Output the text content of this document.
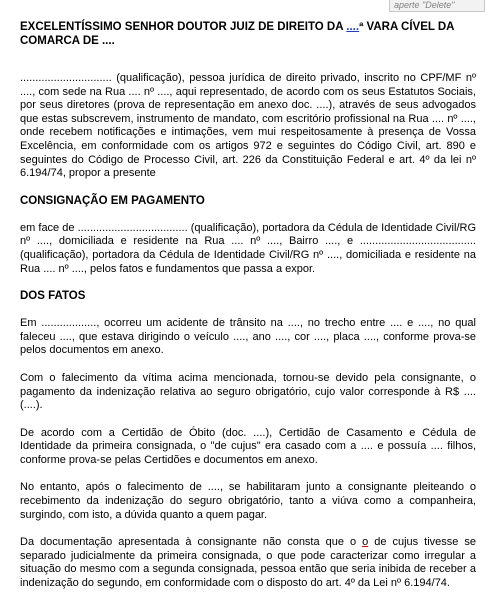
aperte "Delete"
EXCELENTÍSSIMO SENHOR DOUTOR JUIZ DE DIREITO DA ....ª VARA CÍVEL DA COMARCA DE ....

.............................. (qualificação), pessoa jurídica de direito privado, inscrito no CPF/MF nº ...., com sede na Rua .... nº ...., aqui representado, de acordo com os seus Estatutos Sociais, por seus diretores (prova de representação em anexo doc. ....), através de seus advogados que estas subscrevem, instrumento de mandato, com escritório profissional na Rua .... nº ...., onde recebem notificações e intimações, vem mui respeitosamente à presença de Vossa Excelência, em conformidade com os artigos 972 e seguintes do Código Civil, art. 890 e seguintes do Código de Processo Civil, art. 226 da Constituição Federal e art. 4º da lei nº 6.194/74, propor a presente

CONSIGNAÇÃO EM PAGAMENTO

em face de .................................... (qualificação), portadora da Cédula de Identidade Civil/RG nº ...., domiciliada e residente na Rua .... nº ...., Bairro ...., e ...................................... (qualificação), portadora da Cédula de Identidade Civil/RG nº ...., domiciliada e residente na Rua .... nº ...., pelos fatos e fundamentos que passa a expor.

DOS FATOS

Em .................., ocorreu um acidente de trânsito na ...., no trecho entre .... e ...., no qual faleceu ...., que estava dirigindo o veículo ...., ano ...., cor ...., placa ...., conforme prova-se pelos documentos em anexo.

Com o falecimento da vítima acima mencionada, tornou-se devido pela consignante, o pagamento da indenização relativa ao seguro obrigatório, cujo valor corresponde à R$ .... (....).

De acordo com a Certidão de Óbito (doc. ....), Certidão de Casamento e Cédula de Identidade da primeira consignada, o "de cujus" era casado com a .... e possuía .... filhos, conforme prova-se pelas Certidões e documentos em anexo.

No entanto, após o falecimento de ...., se habilitaram junto a consignante pleiteando o recebimento da indenização do seguro obrigatório, tanto a viúva como a companheira, surgindo, com isto, a dúvida quanto a quem pagar.

Da documentação apresentada à consignante não consta que o o de cujus tivesse se separado judicialmente da primeira consignada, o que pode caracterizar como irregular a situação do mesmo com a segunda consignada, pessoa então que seria inibida de receber a indenização do segundo, em conformidade com o disposto do art. 4º da Lei nº 6.194/74.
